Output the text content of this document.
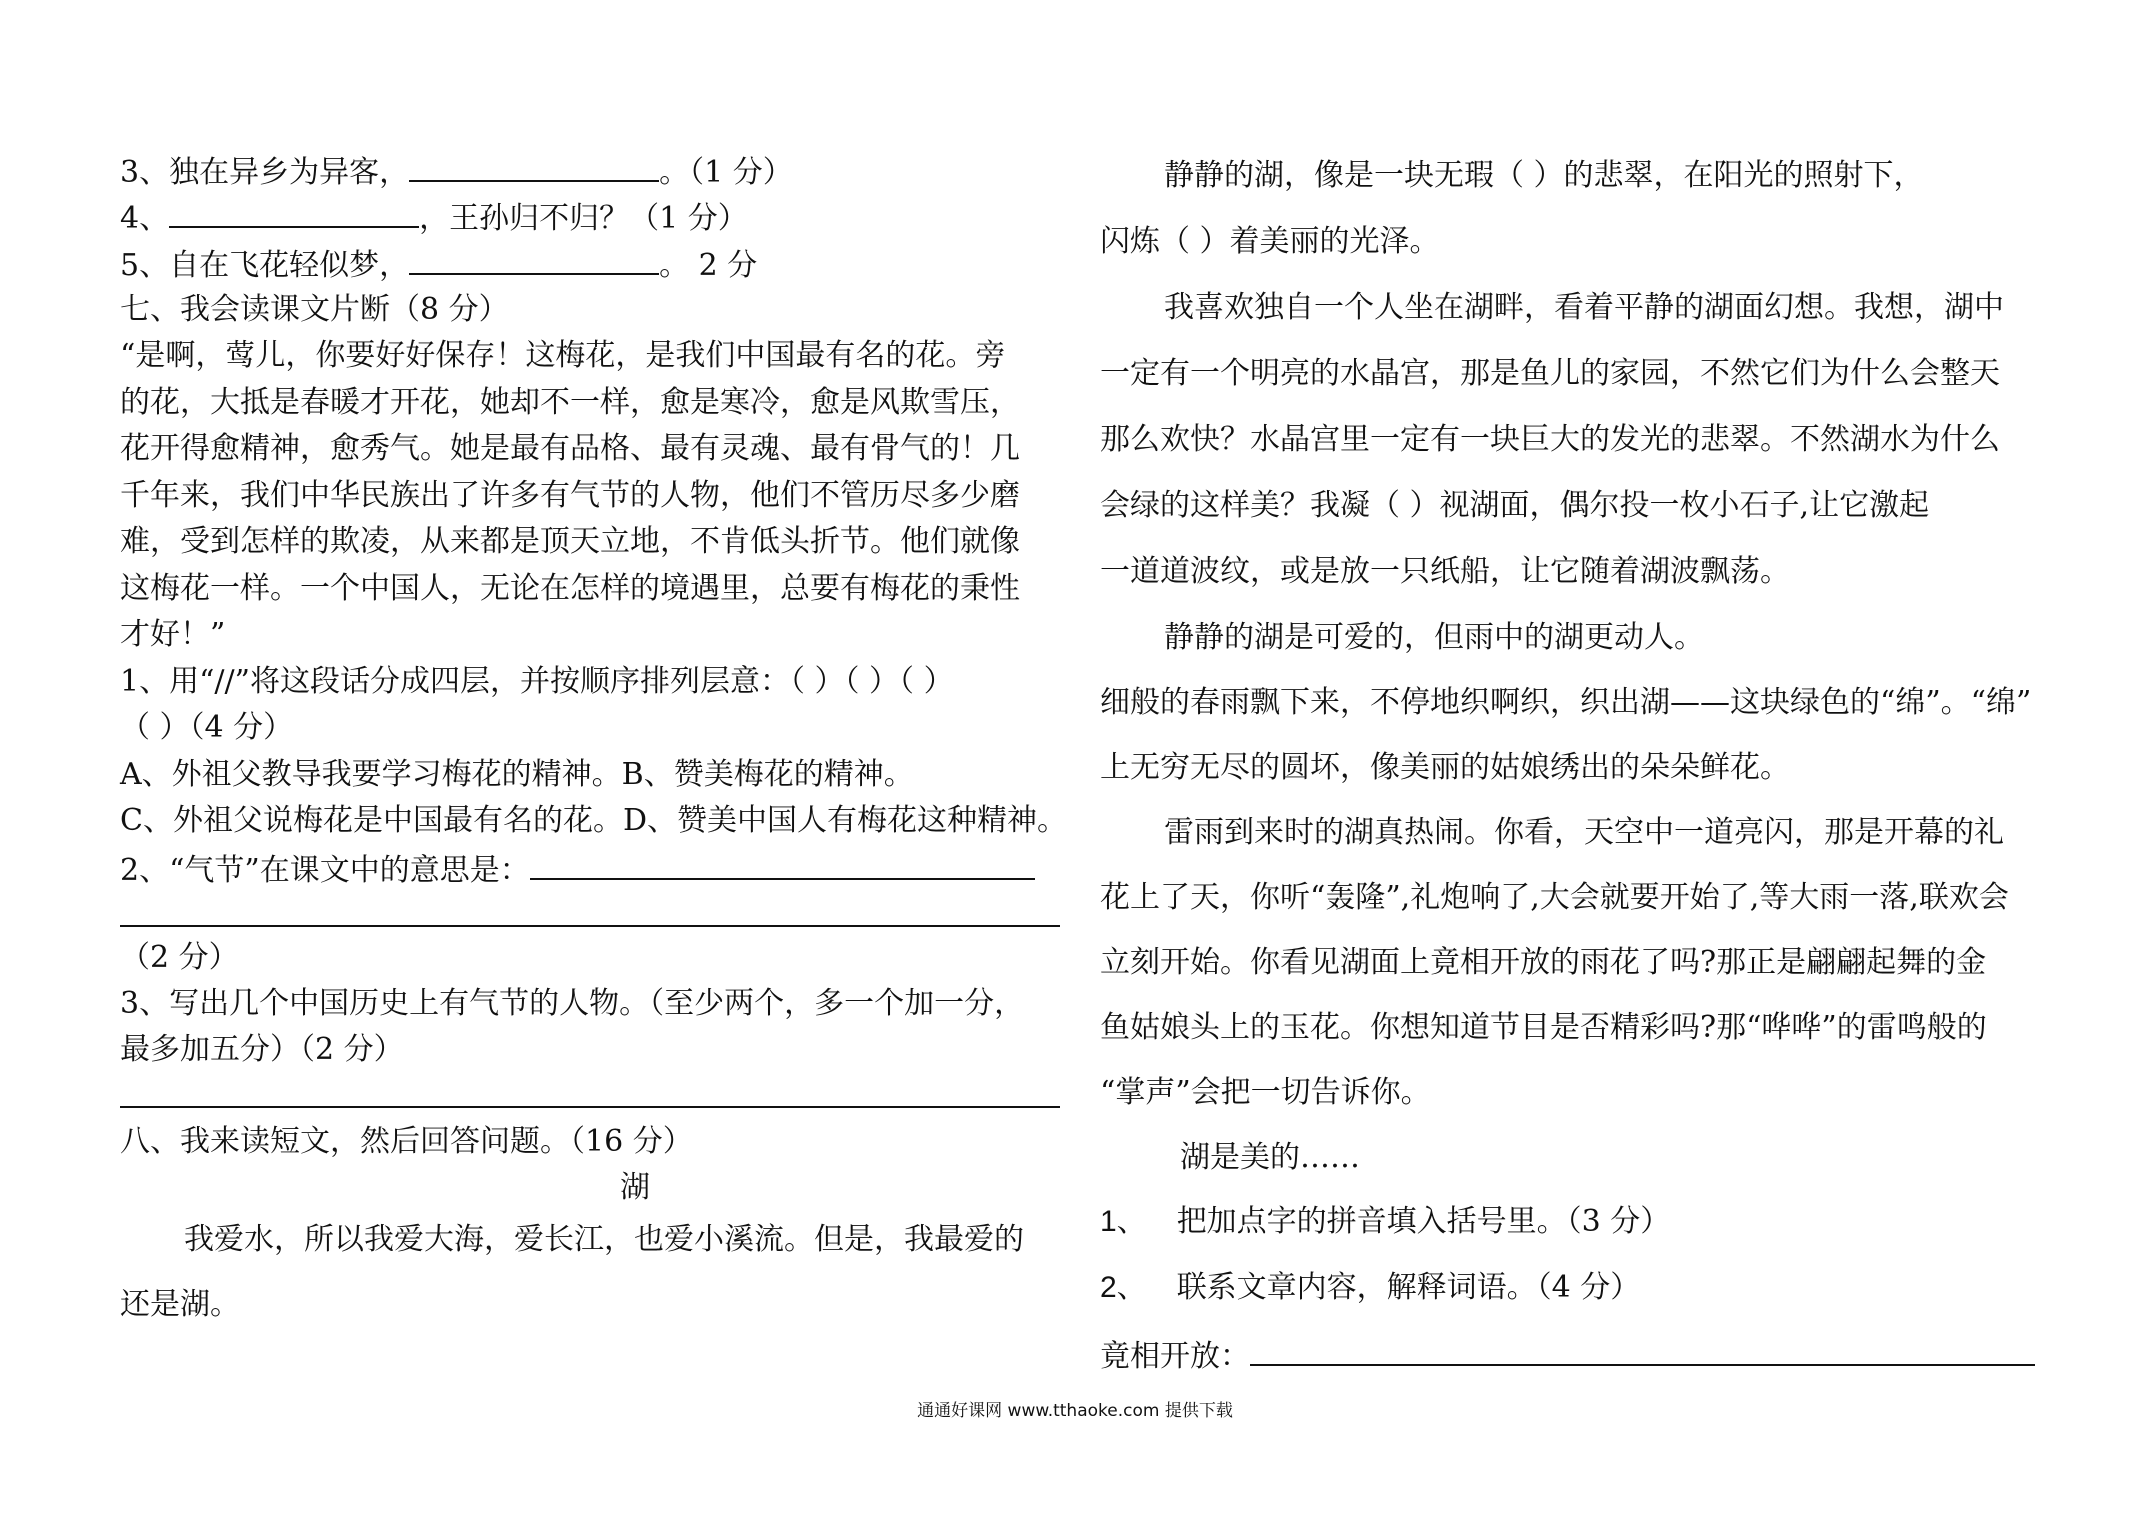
3、独在异乡为异客，	。（1 分）
4、	，王孙归不归？（1 分）
5、自在飞花轻似梦，	。 2 分
七、我会读课文片断（8 分）
“是啊，莺儿，你要好好保存！这梅花，是我们中国最有名的花。旁
的花，大抵是春暖才开花，她却不一样，愈是寒冷，愈是风欺雪压，
花开得愈精神，愈秀气。她是最有品格、最有灵魂、最有骨气的！几
千年来，我们中华民族出了许多有气节的人物，他们不管历尽多少磨
难，受到怎样的欺凌，从来都是顶天立地，不肯低头折节。他们就像
这梅花一样。一个中国人，无论在怎样的境遇里，总要有梅花的秉性
才好！”
1、用“//”将这段话分成四层，并按顺序排列层意：（ ）（ ）（ ）
（ ）（4 分）
A、外祖父教导我要学习梅花的精神。B、赞美梅花的精神。
C、外祖父说梅花是中国最有名的花。D、赞美中国人有梅花这种精神。
2、“气节”在课文中的意思是：
（2 分）
3、写出几个中国历史上有气节的人物。（至少两个，多一个加一分，
最多加五分）（2 分）
八、我来读短文，然后回答问题。（16 分）
湖
我爱水，所以我爱大海，爱长江，也爱小溪流。但是，我最爱的
还是湖。
静静的湖，像是一块无瑕（ ）的悲翠，在阳光的照射下，
闪炼（ ）着美丽的光泽。
我喜欢独自一个人坐在湖畔，看着平静的湖面幻想。我想，湖中
一定有一个明亮的水晶宫，那是鱼儿的家园，不然它们为什么会整天
那么欢快？水晶宫里一定有一块巨大的发光的悲翠。不然湖水为什么
会绿的这样美？我凝（ ）视湖面，偶尔投一枚小石子,让它激起
一道道波纹，或是放一只纸船，让它随着湖波飘荡。
静静的湖是可爱的，但雨中的湖更动人。
细般的春雨飘下来，不停地织啊织，织出湖——这块绿色的“绵”。“绵”
上无穷无尽的圆坏，像美丽的姑娘绣出的朵朵鲜花。
雷雨到来时的湖真热闹。你看，天空中一道亮闪，那是开幕的礼
花上了天，你听“轰隆”,礼炮响了,大会就要开始了,等大雨一落,联欢会
立刻开始。你看见湖面上竟相开放的雨花了吗?那正是翩翩起舞的金
鱼姑娘头上的玉花。你想知道节目是否精彩吗?那“哗哗”的雷鸣般的
“掌声”会把一切告诉你。
湖是美的……
1、 把加点字的拼音填入括号里。（3 分）
2、 联系文章内容，解释词语。（4 分）
竟相开放：
通通好课网 www.tthaoke.com 提供下载
